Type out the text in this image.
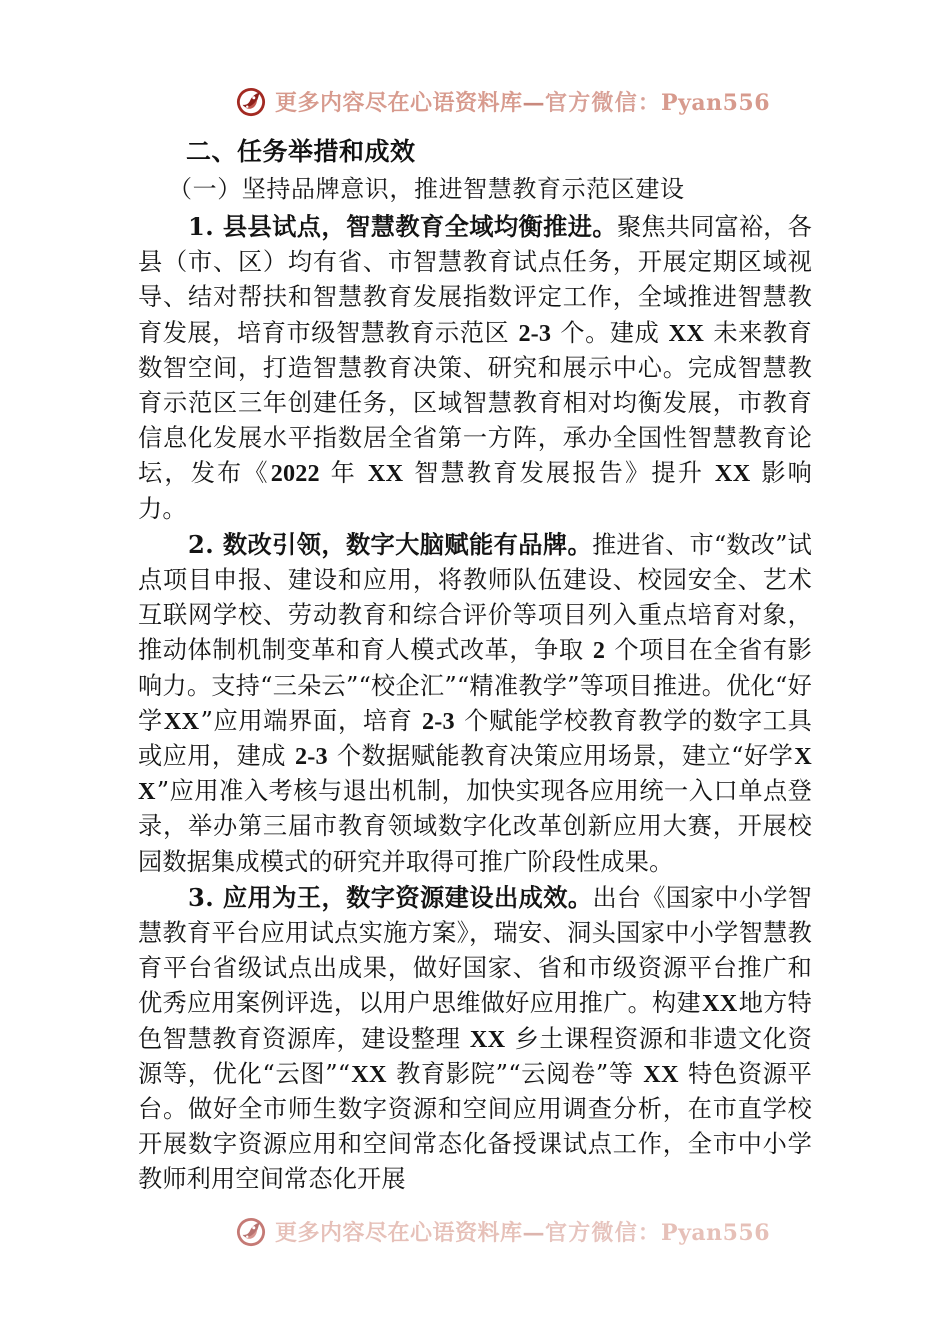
更多内容尽在心语资料库—官方微信：Pyan556
二、任务举措和成效
（一）坚持品牌意识，推进智慧教育示范区建设

1. 县县试点，智慧教育全域均衡推进。聚焦共同富裕，各县（市、区）均有省、市智慧教育试点任务，开展定期区域视导、结对帮扶和智慧教育发展指数评定工作，全域推进智慧教育发展，培育市级智慧教育示范区 2-3 个。建成 XX 未来教育数智空间，打造智慧教育决策、研究和展示中心。完成智慧教育示范区三年创建任务，区域智慧教育相对均衡发展，市教育信息化发展水平指数居全省第一方阵，承办全国性智慧教育论坛，发布《2022 年 XX 智慧教育发展报告》提升 XX 影响力。

2. 数改引领，数字大脑赋能有品牌。推进省、市“数改”试点项目申报、建设和应用，将教师队伍建设、校园安全、艺术互联网学校、劳动教育和综合评价等项目列入重点培育对象，推动体制机制变革和育人模式改革，争取 2 个项目在全省有影响力。支持“三朵云”“校企汇”“精准教学”等项目推进。优化“好学XX”应用端界面，培育 2-3 个赋能学校教育教学的数字工具或应用，建成 2-3 个数据赋能教育决策应用场景，建立“好学XX”应用准入考核与退出机制，加快实现各应用统一入口单点登录，举办第三届市教育领域数字化改革创新应用大赛，开展校园数据集成模式的研究并取得可推广阶段性成果。

3. 应用为王，数字资源建设出成效。出台《国家中小学智慧教育平台应用试点实施方案》，瑞安、洞头国家中小学智慧教育平台省级试点出成果，做好国家、省和市级资源平台推广和优秀应用案例评选，以用户思维做好应用推广。构建XX地方特色智慧教育资源库，建设整理 XX 乡土课程资源和非遗文化资源等，优化“云图”“XX 教育影院”“云阅卷”等 XX 特色资源平台。做好全市师生数字资源和空间应用调查分析，在市直学校开展数字资源应用和空间常态化备授课试点工作，全市中小学教师利用空间常态化开展

更多内容尽在心语资料库—官方微信：Pyan556
